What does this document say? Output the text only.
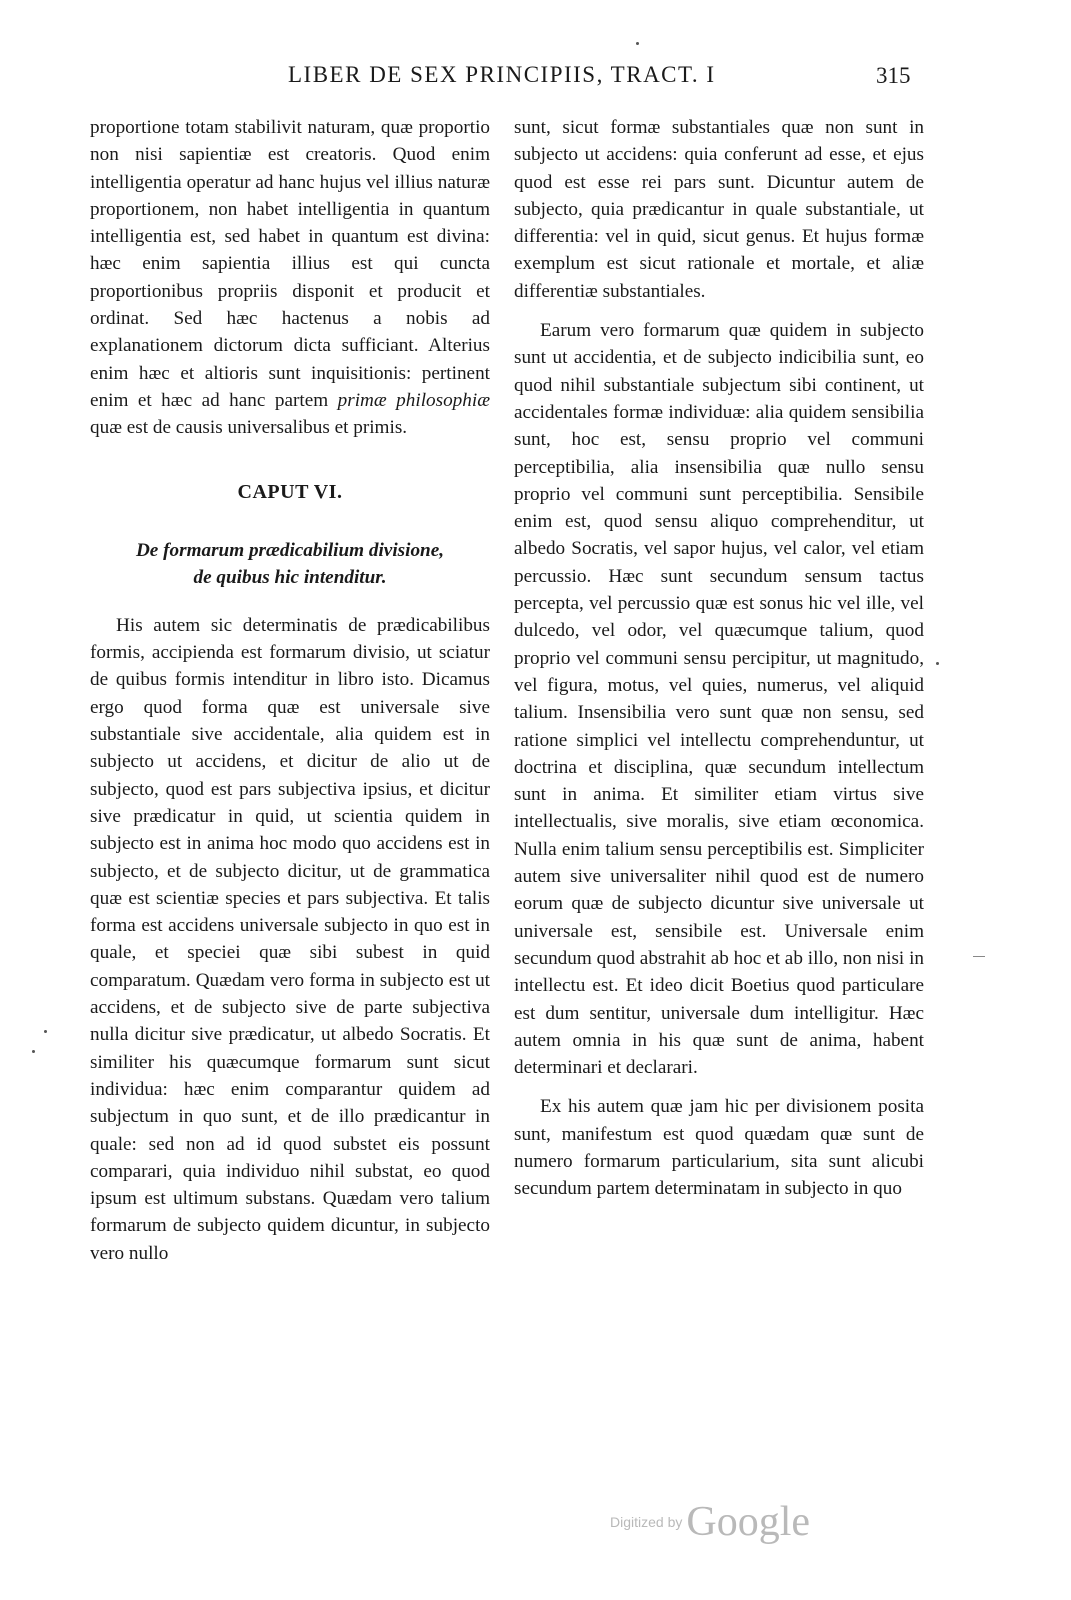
LIBER DE SEX PRINCIPIIS, TRACT. I	315

proportione totam stabilivit naturam, quæ proportio non nisi sapientiæ est creatoris. Quod enim intelligentia operatur ad hanc hujus vel illius naturæ proportionem, non habet intelligentia in quantum intelligentia est, sed habet in quantum est divina: hæc enim sapientia illius est qui cuncta proportionibus propriis disponit et producit et ordinat. Sed hæc hactenus a nobis ad explanationem dictorum dicta sufficiant. Alterius enim hæc et altioris sunt inquisitionis: pertinent enim et hæc ad hanc partem primæ philosophiæ quæ est de causis universalibus et primis.

CAPUT VI.
De formarum prædicabilium divisione,
de quibus hic intenditur.

His autem sic determinatis de prædicabilibus formis, accipienda est formarum divisio, ut sciatur de quibus formis intenditur in libro isto. Dicamus ergo quod forma quæ est universale sive substantiale sive accidentale, alia quidem est in subjecto ut accidens, et dicitur de alio ut de subjecto, quod est pars subjectiva ipsius, et dicitur sive prædicatur in quid, ut scientia quidem in subjecto est in anima hoc modo quo accidens est in subjecto, et de subjecto dicitur, ut de grammatica quæ est scientiæ species et pars subjectiva. Et talis forma est accidens universale subjecto in quo est in quale, et speciei quæ sibi subest in quid comparatum. Quædam vero forma in subjecto est ut accidens, et de subjecto sive de parte subjectiva nulla dicitur sive prædicatur, ut albedo Socratis. Et similiter his quæcumque formarum sunt sicut individua: hæc enim comparantur quidem ad subjectum in quo sunt, et de illo prædicantur in quale: sed non ad id quod substet eis possunt comparari, quia individuo nihil substat, eo quod ipsum est ultimum substans. Quædam vero talium formarum de subjecto quidem dicuntur, in subjecto vero nullo

sunt, sicut formæ substantiales quæ non sunt in subjecto ut accidens: quia conferunt ad esse, et ejus quod est esse rei pars sunt. Dicuntur autem de subjecto, quia prædicantur in quale substantiale, ut differentia: vel in quid, sicut genus. Et hujus formæ exemplum est sicut rationale et mortale, et aliæ differentiæ substantiales.

Earum vero formarum quæ quidem in subjecto sunt ut accidentia, et de subjecto indicibilia sunt, eo quod nihil substantiale subjectum sibi continent, ut accidentales formæ individuæ: alia quidem sensibilia sunt, hoc est, sensu proprio vel communi perceptibilia, alia insensibilia quæ nullo sensu proprio vel communi sunt perceptibilia. Sensibile enim est, quod sensu aliquo comprehenditur, ut albedo Socratis, vel sapor hujus, vel calor, vel etiam percussio. Hæc sunt secundum sensum tactus percepta, vel percussio quæ est sonus hic vel ille, vel dulcedo, vel odor, vel quæcumque talium, quod proprio vel communi sensu percipitur, ut magnitudo, vel figura, motus, vel quies, numerus, vel aliquid talium. Insensibilia vero sunt quæ non sensu, sed ratione simplici vel intellectu comprehenduntur, ut doctrina et disciplina, quæ secundum intellectum sunt in anima. Et similiter etiam virtus sive intellectualis, sive moralis, sive etiam œconomica. Nulla enim talium sensu perceptibilis est. Simpliciter autem sive universaliter nihil quod est de numero eorum quæ de subjecto dicuntur sive universale ut universale est, sensibile est. Universale enim secundum quod abstrahit ab hoc et ab illo, non nisi in intellectu est. Et ideo dicit Boetius quod particulare est dum sentitur, universale dum intelligitur. Hæc autem omnia in his quæ sunt de anima, habent determinari et declarari.

Ex his autem quæ jam hic per divisionem posita sunt, manifestum est quod quædam quæ sunt de numero formarum particularium, sita sunt alicubi secundum partem determinatam in subjecto in quo

Digitized by Google
